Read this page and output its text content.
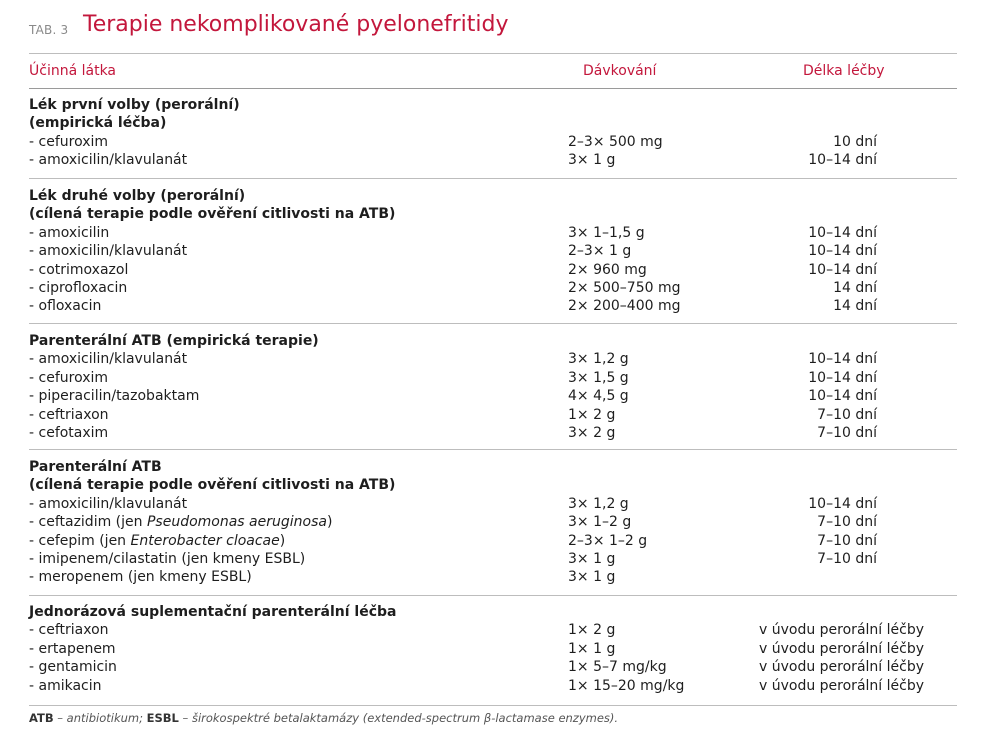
TAB. 3 Terapie nekomplikované pyelonefritidy
Účinná látka	Dávkování	Délka léčby
Lék první volby (perorální)
(empirická léčba)
- cefuroxim	2–3× 500 mg	10 dní
- amoxicilin/klavulanát	3× 1 g	10–14 dní
Lék druhé volby (perorální)
(cílená terapie podle ověření citlivosti na ATB)
- amoxicilin	3× 1–1,5 g	10–14 dní
- amoxicilin/klavulanát	2–3× 1 g	10–14 dní
- cotrimoxazol	2× 960 mg	10–14 dní
- ciprofloxacin	2× 500–750 mg	14 dní
- ofloxacin	2× 200–400 mg	14 dní
Parenterální ATB (empirická terapie)
- amoxicilin/klavulanát	3× 1,2 g	10–14 dní
- cefuroxim	3× 1,5 g	10–14 dní
- piperacilin/tazobaktam	4× 4,5 g	10–14 dní
- ceftriaxon	1× 2 g	7–10 dní
- cefotaxim	3× 2 g	7–10 dní
Parenterální ATB
(cílená terapie podle ověření citlivosti na ATB)
- amoxicilin/klavulanát	3× 1,2 g	10–14 dní
- ceftazidim (jen Pseudomonas aeruginosa)	3× 1–2 g	7–10 dní
- cefepim (jen Enterobacter cloacae)	2–3× 1–2 g	7–10 dní
- imipenem/cilastatin (jen kmeny ESBL)	3× 1 g	7–10 dní
- meropenem (jen kmeny ESBL)	3× 1 g
Jednorázová suplementační parenterální léčba
- ceftriaxon	1× 2 g	v úvodu perorální léčby
- ertapenem	1× 1 g	v úvodu perorální léčby
- gentamicin	1× 5–7 mg/kg	v úvodu perorální léčby
- amikacin	1× 15–20 mg/kg	v úvodu perorální léčby
ATB – antibiotikum; ESBL – širokospektré betalaktamázy (extended-spectrum β-lactamase enzymes).
